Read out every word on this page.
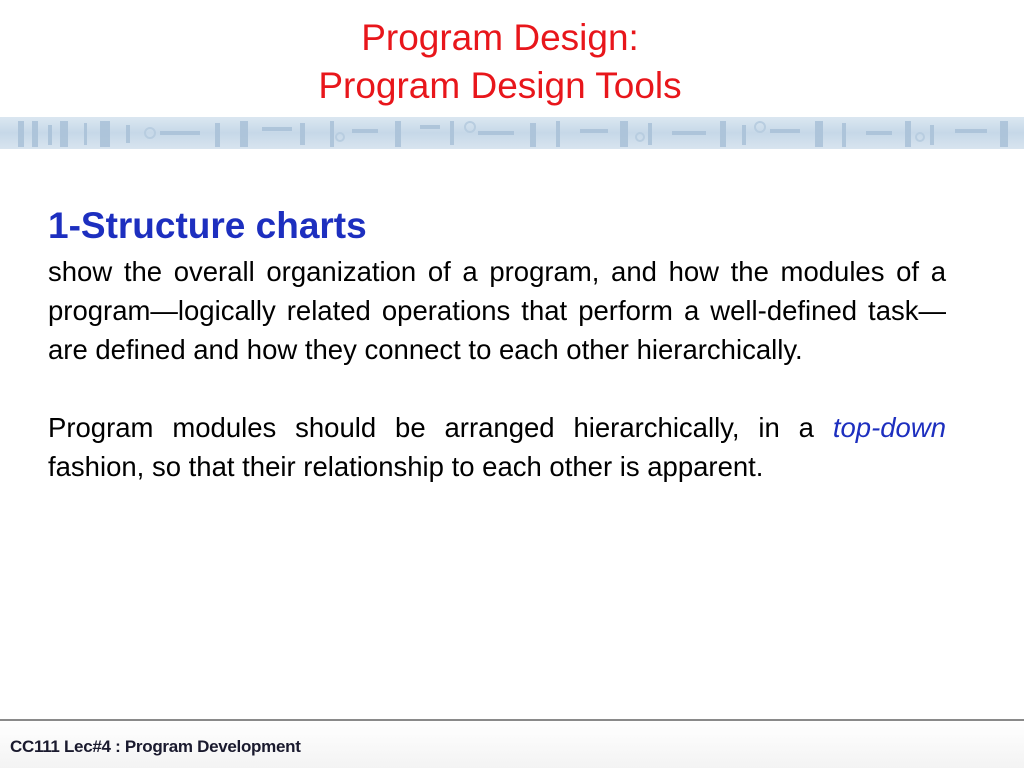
Program Design:
Program Design Tools

1-Structure charts

show the overall organization of a program, and how the modules of a program—logically related operations that perform a well-defined task—are defined and how they connect to each other hierarchically.

Program modules should be arranged hierarchically, in a top-down fashion, so that their relationship to each other is apparent.

CC111 Lec#4 : Program Development
